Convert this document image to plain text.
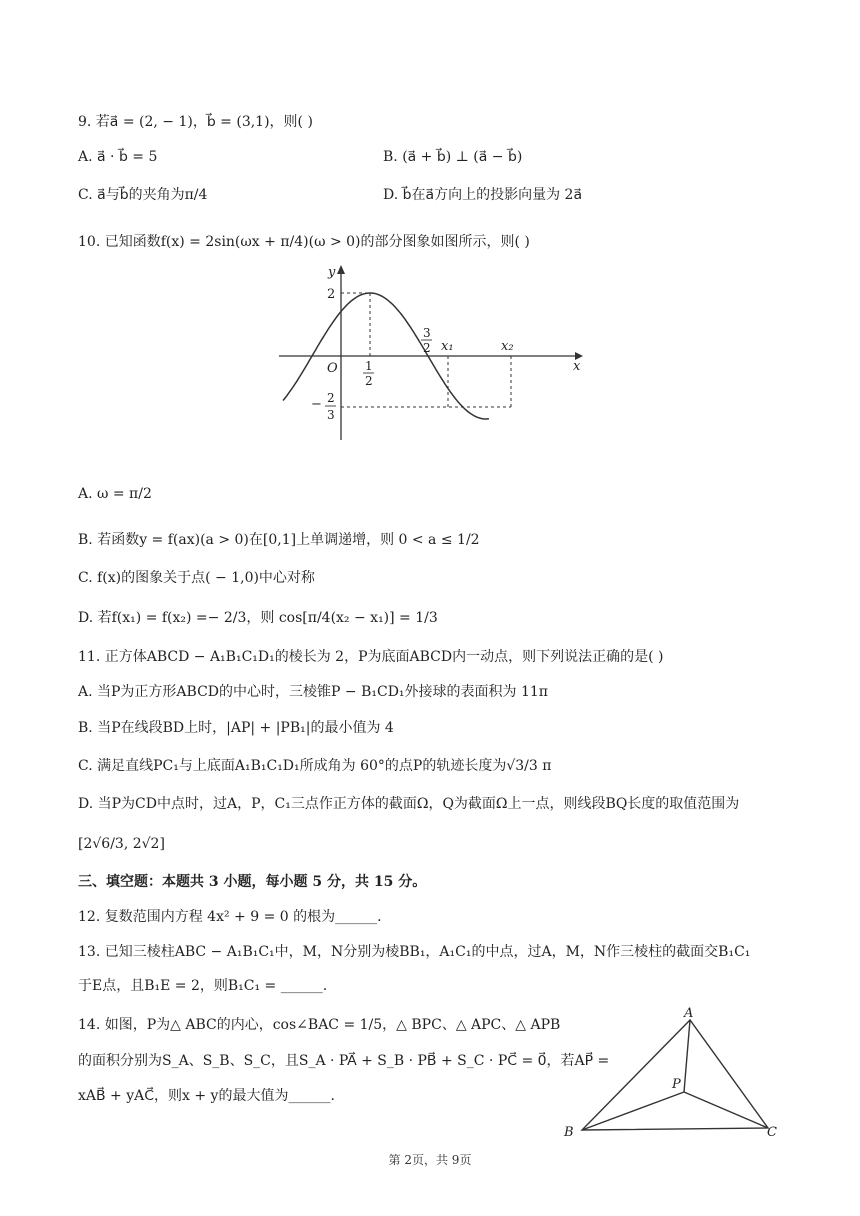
9. 若a⃗ = (2, − 1)，b⃗ = (3,1)，则( )
A. a⃗ · b⃗ = 5	B. (a⃗ + b⃗) ⊥ (a⃗ − b⃗)
C. a⃗与b⃗的夹角为π/4	D. b⃗在a⃗方向上的投影向量为 2a⃗
10. 已知函数f(x) = 2sin(ωx + π/4)(ω > 0)的部分图象如图所示，则( )
y
x
O
2
− 2
3
1
2
3
2 x₁	x₂
A. ω = π/2
B. 若函数y = f(ax)(a > 0)在[0,1]上单调递增，则 0 < a ≤ 1/2
C. f(x)的图象关于点( − 1,0)中心对称
D. 若f(x₁) = f(x₂) =− 2/3，则 cos[π/4(x₂ − x₁)] = 1/3
11. 正方体ABCD − A₁B₁C₁D₁的棱长为 2，P为底面ABCD内一动点，则下列说法正确的是( )
A. 当P为正方形ABCD的中心时，三棱锥P − B₁CD₁外接球的表面积为 11π
B. 当P在线段BD上时，|AP| + |PB₁|的最小值为 4
C. 满足直线PC₁与上底面A₁B₁C₁D₁所成角为 60°的点P的轨迹长度为√3/3 π
D. 当P为CD中点时，过A，P，C₁三点作正方体的截面Ω，Q为截面Ω上一点，则线段BQ长度的取值范围为
[2√6/3, 2√2]
三、填空题：本题共 3 小题，每小题 5 分，共 15 分。
12. 复数范围内方程 4x² + 9 = 0 的根为______.
13. 已知三棱柱ABC − A₁B₁C₁中，M，N分别为棱BB₁，A₁C₁的中点，过A，M，N作三棱柱的截面交B₁C₁
于E点，且B₁E = 2，则B₁C₁ = ______.
14. 如图，P为△ ABC的内心，cos∠BAC = 1/5，△ BPC、△ APC、△ APB
的面积分别为S_A、S_B、S_C，且S_A · PA⃗ + S_B · PB⃗ + S_C · PC⃗ = 0⃗，若AP⃗ =
xAB⃗ + yAC⃗，则x + y的最大值为______.
A
B	C
P
第 2页，共 9页
